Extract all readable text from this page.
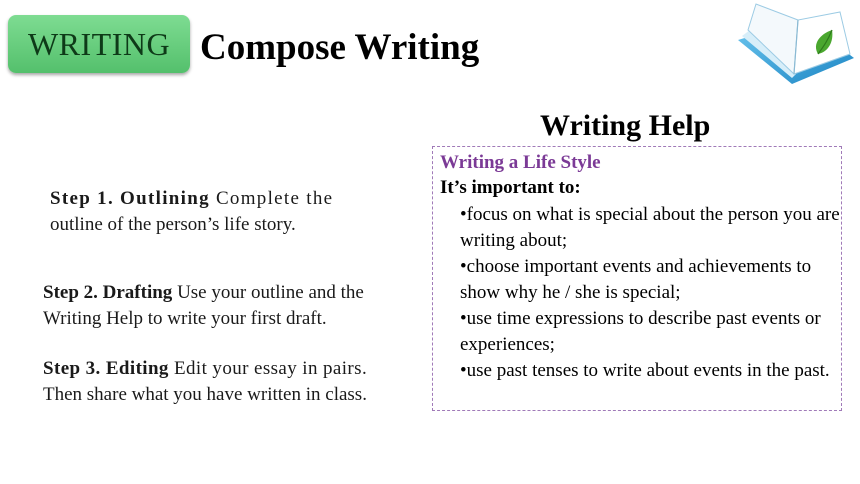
WRITING Compose Writing
Writing Help
Step 1. Outlining Complete the
outline of the person’s life story.
Step 2. Drafting Use your outline and the
Writing Help to write your first draft.
Step 3. Editing Edit your essay in pairs.
Then share what you have written in class.
Writing a Life Style
It’s important to:
•focus on what is special about the person you are writing about;
•choose important events and achievements to show why he / she is special;
•use time expressions to describe past events or experiences;
•use past tenses to write about events in the past.
